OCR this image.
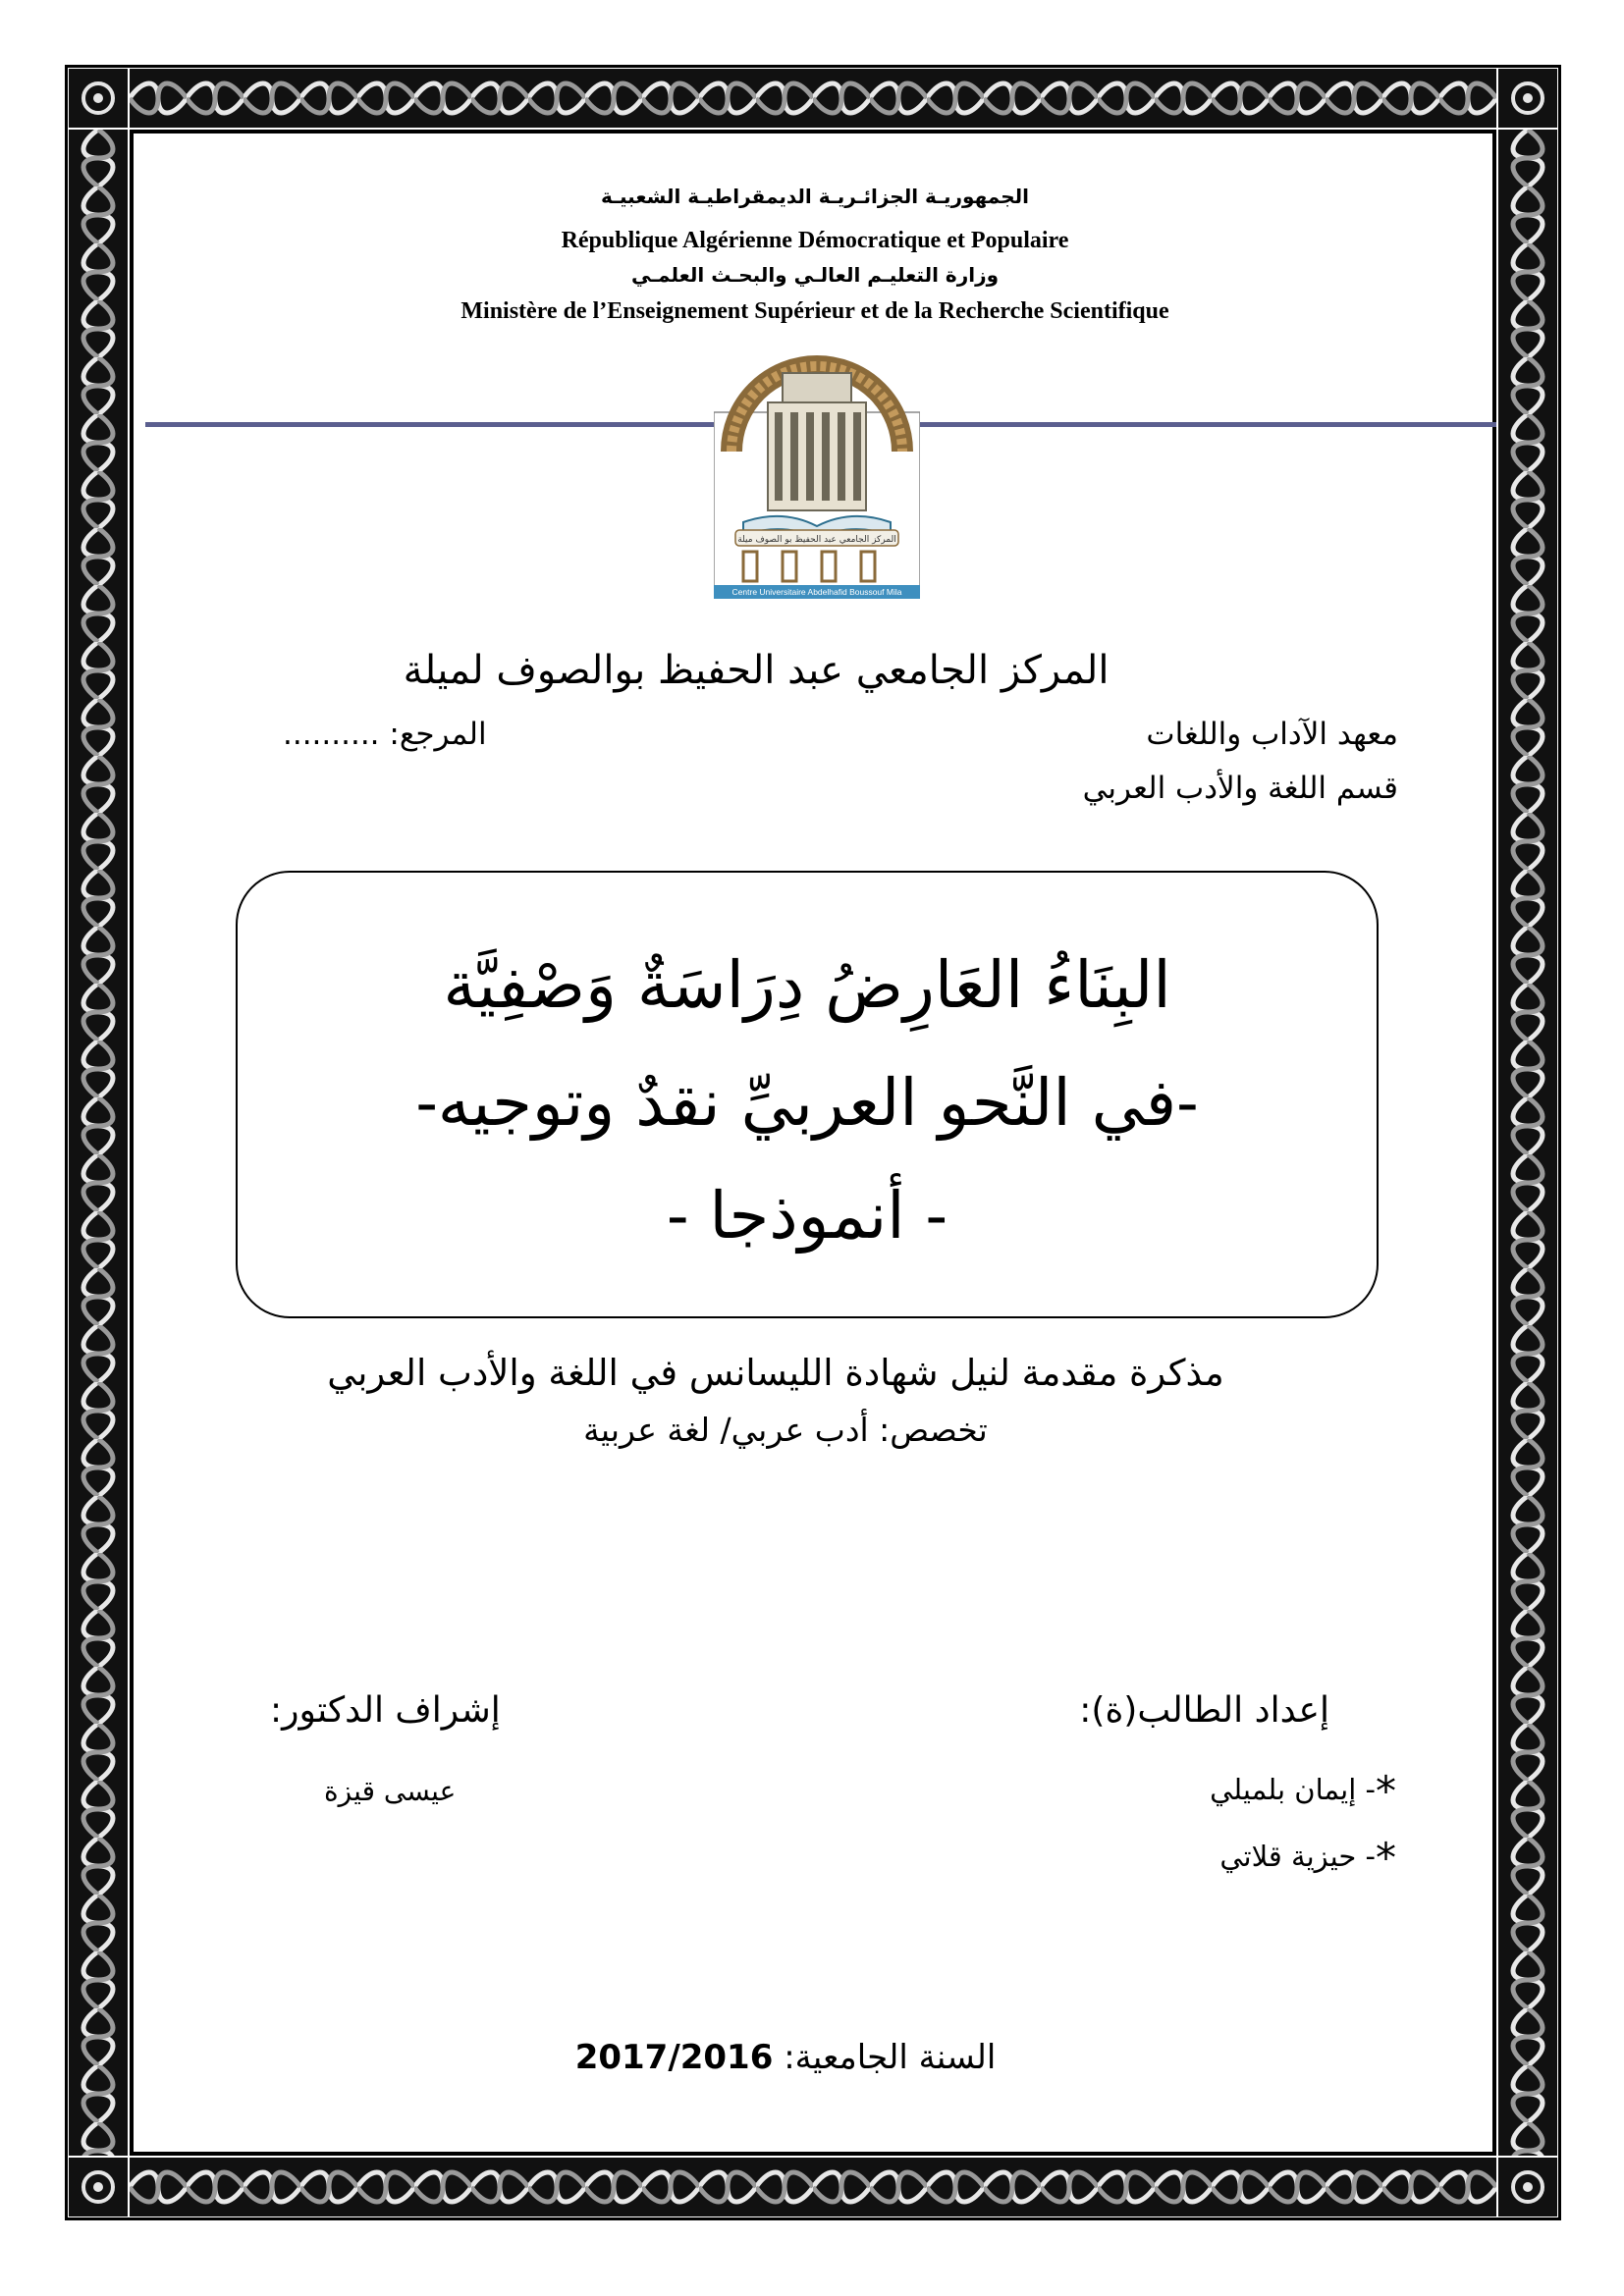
الجمهوريـة الجزائـريـة الديمقراطيـة الشعبيـة
République Algérienne Démocratique et Populaire
وزارة التعليـم العالـي والبحـث العلمـي
Ministère de l’Enseignement Supérieur et de la Recherche Scientifique
المركز الجامعي عبد الحفيظ بو الصوف ميلة
Centre Universitaire Abdelhafid Boussouf Mila
المركز الجامعي عبد الحفيظ بوالصوف لميلة
معهد الآداب واللغات
المرجع: ..........
قسم اللغة والأدب العربي
البِنَاءُ العَارِضُ دِرَاسَةٌ وَصْفِيَّة
-في النَّحو العربيِّ نقدٌ وتوجيه-
- أنموذجا -
مذكرة مقدمة لنيل شهادة الليسانس في اللغة والأدب العربي
تخصص: أدب عربي/ لغة عربية
إعداد الطالب(ة):
إشراف الدكتور:
*- إيمان بلميلي
*- حيزية قلاتي
عيسى قيزة
السنة الجامعية: 2017/2016
